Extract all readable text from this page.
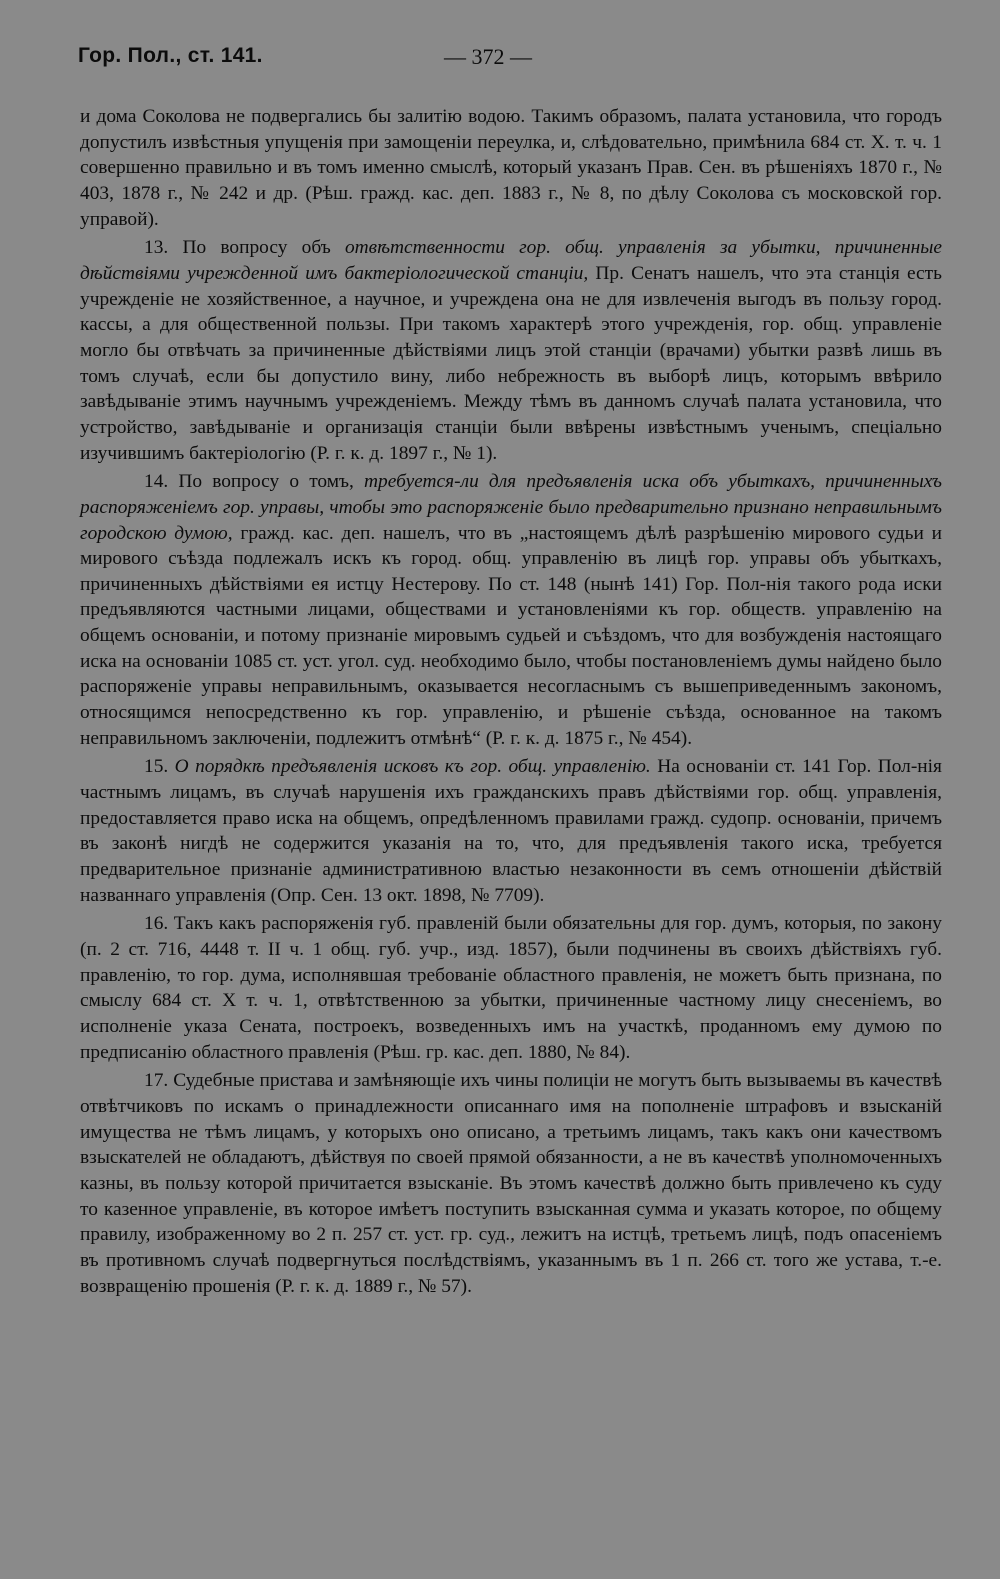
Гор. Пол., ст. 141.	— 372 —

и дома Соколова не подвергались бы залитію водою. Такимъ образомъ, палата установила, что городъ допустилъ извѣстныя упущенія при замощеніи переулка, и, слѣдовательно, примѣнила 684 ст. X. т. ч. 1 совершенно правильно и въ томъ именно смыслѣ, который указанъ Прав. Сен. въ рѣшеніяхъ 1870 г., № 403, 1878 г., № 242 и др. (Рѣш. гражд. кас. деп. 1883 г., № 8, по дѣлу Соколова съ московской гор. управой).

13. По вопросу объ отвѣтственности гор. общ. управленія за убытки, причиненные дѣйствіями учрежденной имъ бактеріологической станціи, Пр. Сенатъ нашелъ, что эта станція есть учрежденіе не хозяйственное, а научное, и учреждена она не для извлеченія выгодъ въ пользу город. кассы, а для общественной пользы. При такомъ характерѣ этого учрежденія, гор. общ. управленіе могло бы отвѣчать за причиненные дѣйствіями лицъ этой станціи (врачами) убытки развѣ лишь въ томъ случаѣ, если бы допустило вину, либо небрежность въ выборѣ лицъ, которымъ ввѣрило завѣдываніе этимъ научнымъ учрежденіемъ. Между тѣмъ въ данномъ случаѣ палата установила, что устройство, завѣдываніе и организація станціи были ввѣрены извѣстнымъ ученымъ, спеціально изучившимъ бактеріологію (Р. г. к. д. 1897 г., № 1).

14. По вопросу о томъ, требуется-ли для предъявленія иска объ убыткахъ, причиненныхъ распоряженіемъ гор. управы, чтобы это распоряженіе было предварительно признано неправильнымъ городскою думою, гражд. кас. деп. нашелъ, что въ „настоящемъ дѣлѣ разрѣшенію мирового судьи и мирового съѣзда подлежалъ искъ къ город. общ. управленію въ лицѣ гор. управы объ убыткахъ, причиненныхъ дѣйствіями ея истцу Нестерову. По ст. 148 (нынѣ 141) Гор. Пол-нія такого рода иски предъявляются частными лицами, обществами и установленіями къ гор. обществ. управленію на общемъ основаніи, и потому признаніе мировымъ судьей и съѣздомъ, что для возбужденія настоящаго иска на основаніи 1085 ст. уст. угол. суд. необходимо было, чтобы постановленіемъ думы найдено было распоряженіе управы неправильнымъ, оказывается несогласнымъ съ вышеприведеннымъ закономъ, относящимся непосредственно къ гор. управленію, и рѣшеніе съѣзда, основанное на такомъ неправильномъ заключеніи, подлежитъ отмѣнѣ“ (Р. г. к. д. 1875 г., № 454).

15. О порядкѣ предъявленія исковъ къ гор. общ. управленію. На основаніи ст. 141 Гор. Пол-нія частнымъ лицамъ, въ случаѣ нарушенія ихъ гражданскихъ правъ дѣйствіями гор. общ. управленія, предоставляется право иска на общемъ, опредѣленномъ правилами гражд. судопр. основаніи, причемъ въ законѣ нигдѣ не содержится указанія на то, что, для предъявленія такого иска, требуется предварительное признаніе административною властью незаконности въ семъ отношеніи дѣйствій названнаго управленія (Опр. Сен. 13 окт. 1898, № 7709).

16. Такъ какъ распоряженія губ. правленій были обязательны для гор. думъ, которыя, по закону (п. 2 ст. 716, 4448 т. II ч. 1 общ. губ. учр., изд. 1857), были подчинены въ своихъ дѣйствіяхъ губ. правленію, то гор. дума, исполнявшая требованіе областного правленія, не можетъ быть признана, по смыслу 684 ст. X т. ч. 1, отвѣтственною за убытки, причиненные частному лицу снесеніемъ, во исполненіе указа Сената, построекъ, возведенныхъ имъ на участкѣ, проданномъ ему думою по предписанію областного правленія (Рѣш. гр. кас. деп. 1880, № 84).

17. Судебные пристава и замѣняющіе ихъ чины полиціи не могутъ быть вызываемы въ качествѣ отвѣтчиковъ по искамъ о принадлежности описаннаго имя на пополненіе штрафовъ и взысканій имущества не тѣмъ лицамъ, у которыхъ оно описано, а третьимъ лицамъ, такъ какъ они качествомъ взыскателей не обладаютъ, дѣйствуя по своей прямой обязанности, а не въ качествѣ уполномоченныхъ казны, въ пользу которой причитается взысканіе. Въ этомъ качествѣ должно быть привлечено къ суду то казенное управленіе, въ которое имѣетъ поступить взысканная сумма и указать которое, по общему правилу, изображенному во 2 п. 257 ст. уст. гр. суд., лежитъ на истцѣ, третьемъ лицѣ, подъ опасеніемъ въ противномъ случаѣ подвергнуться послѣдствіямъ, указаннымъ въ 1 п. 266 ст. того же устава, т.-е. возвращенію прошенія (Р. г. к. д. 1889 г., № 57).
